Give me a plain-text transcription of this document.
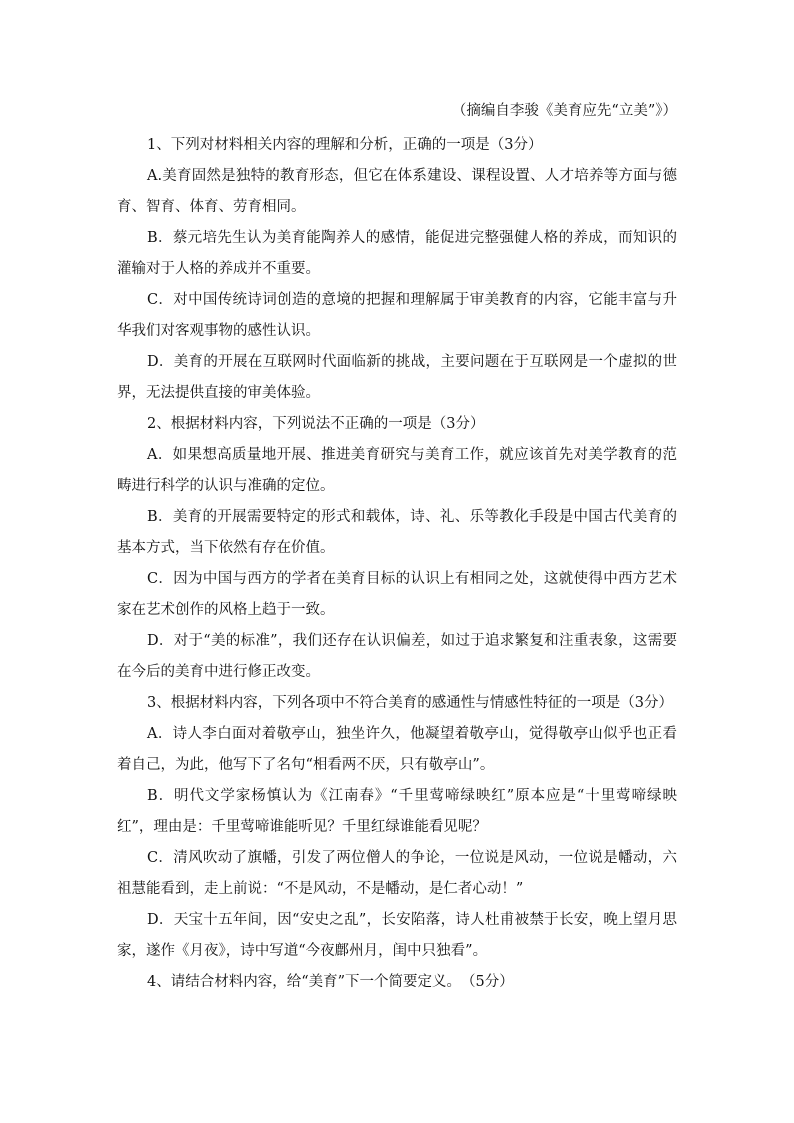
（摘编自李骏《美育应先“立美”》）

1、下列对材料相关内容的理解和分析，正确的一项是（3分）

A.美育固然是独特的教育形态，但它在体系建设、课程设置、人才培养等方面与德育、智育、体育、劳育相同。

B．蔡元培先生认为美育能陶养人的感情，能促进完整强健人格的养成，而知识的灌输对于人格的养成并不重要。

C．对中国传统诗词创造的意境的把握和理解属于审美教育的内容，它能丰富与升华我们对客观事物的感性认识。

D．美育的开展在互联网时代面临新的挑战，主要问题在于互联网是一个虚拟的世界，无法提供直接的审美体验。

2、根据材料内容，下列说法不正确的一项是（3分）

A．如果想高质量地开展、推进美育研究与美育工作，就应该首先对美学教育的范畴进行科学的认识与准确的定位。

B．美育的开展需要特定的形式和载体，诗、礼、乐等教化手段是中国古代美育的基本方式，当下依然有存在价值。

C．因为中国与西方的学者在美育目标的认识上有相同之处，这就使得中西方艺术家在艺术创作的风格上趋于一致。

D．对于“美的标准”，我们还存在认识偏差，如过于追求繁复和注重表象，这需要在今后的美育中进行修正改变。

3、根据材料内容，下列各项中不符合美育的感通性与情感性特征的一项是（3分）

A．诗人李白面对着敬亭山，独坐许久，他凝望着敬亭山，觉得敬亭山似乎也正看着自己，为此，他写下了名句“相看两不厌，只有敬亭山”。

B．明代文学家杨慎认为《江南春》“千里莺啼绿映红”原本应是“十里莺啼绿映红”，理由是：千里莺啼谁能听见？千里红绿谁能看见呢？

C．清风吹动了旗幡，引发了两位僧人的争论，一位说是风动，一位说是幡动，六祖慧能看到，走上前说：“不是风动，不是幡动，是仁者心动！”

D．天宝十五年间，因“安史之乱”，长安陷落，诗人杜甫被禁于长安，晚上望月思家，遂作《月夜》，诗中写道“今夜鄜州月，闺中只独看”。

4、请结合材料内容，给“美育”下一个简要定义。　（5分）
